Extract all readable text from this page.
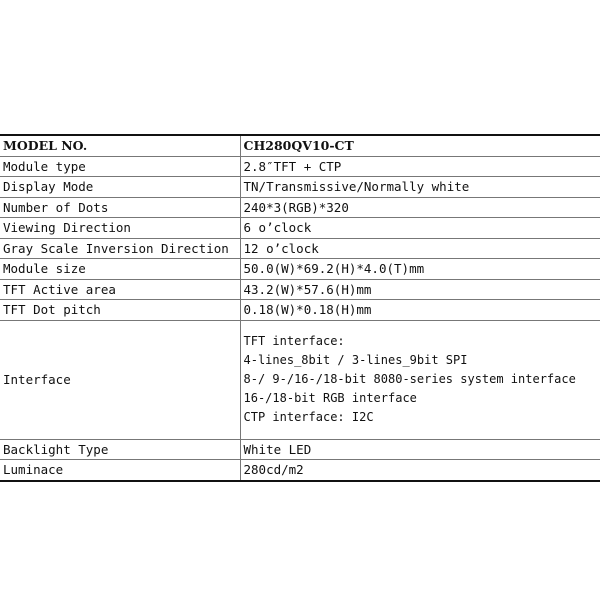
MODEL NO.	CH280QV10-CT
Module type	2.8″TFT + CTP
Display Mode	TN/Transmissive/Normally white
Number of Dots	240*3(RGB)*320
Viewing Direction	6 o’clock
Gray Scale Inversion Direction	12 o’clock
Module size	50.0(W)*69.2(H)*4.0(T)mm
TFT Active area	43.2(W)*57.6(H)mm
TFT Dot pitch	0.18(W)*0.18(H)mm
Interface	TFT interface:
4-lines_8bit / 3-lines_9bit SPI
8-/ 9-/16-/18-bit 8080-series system interface
16-/18-bit RGB interface
CTP interface: I2C

Backlight Type	White LED
Luminace	280cd/m2
